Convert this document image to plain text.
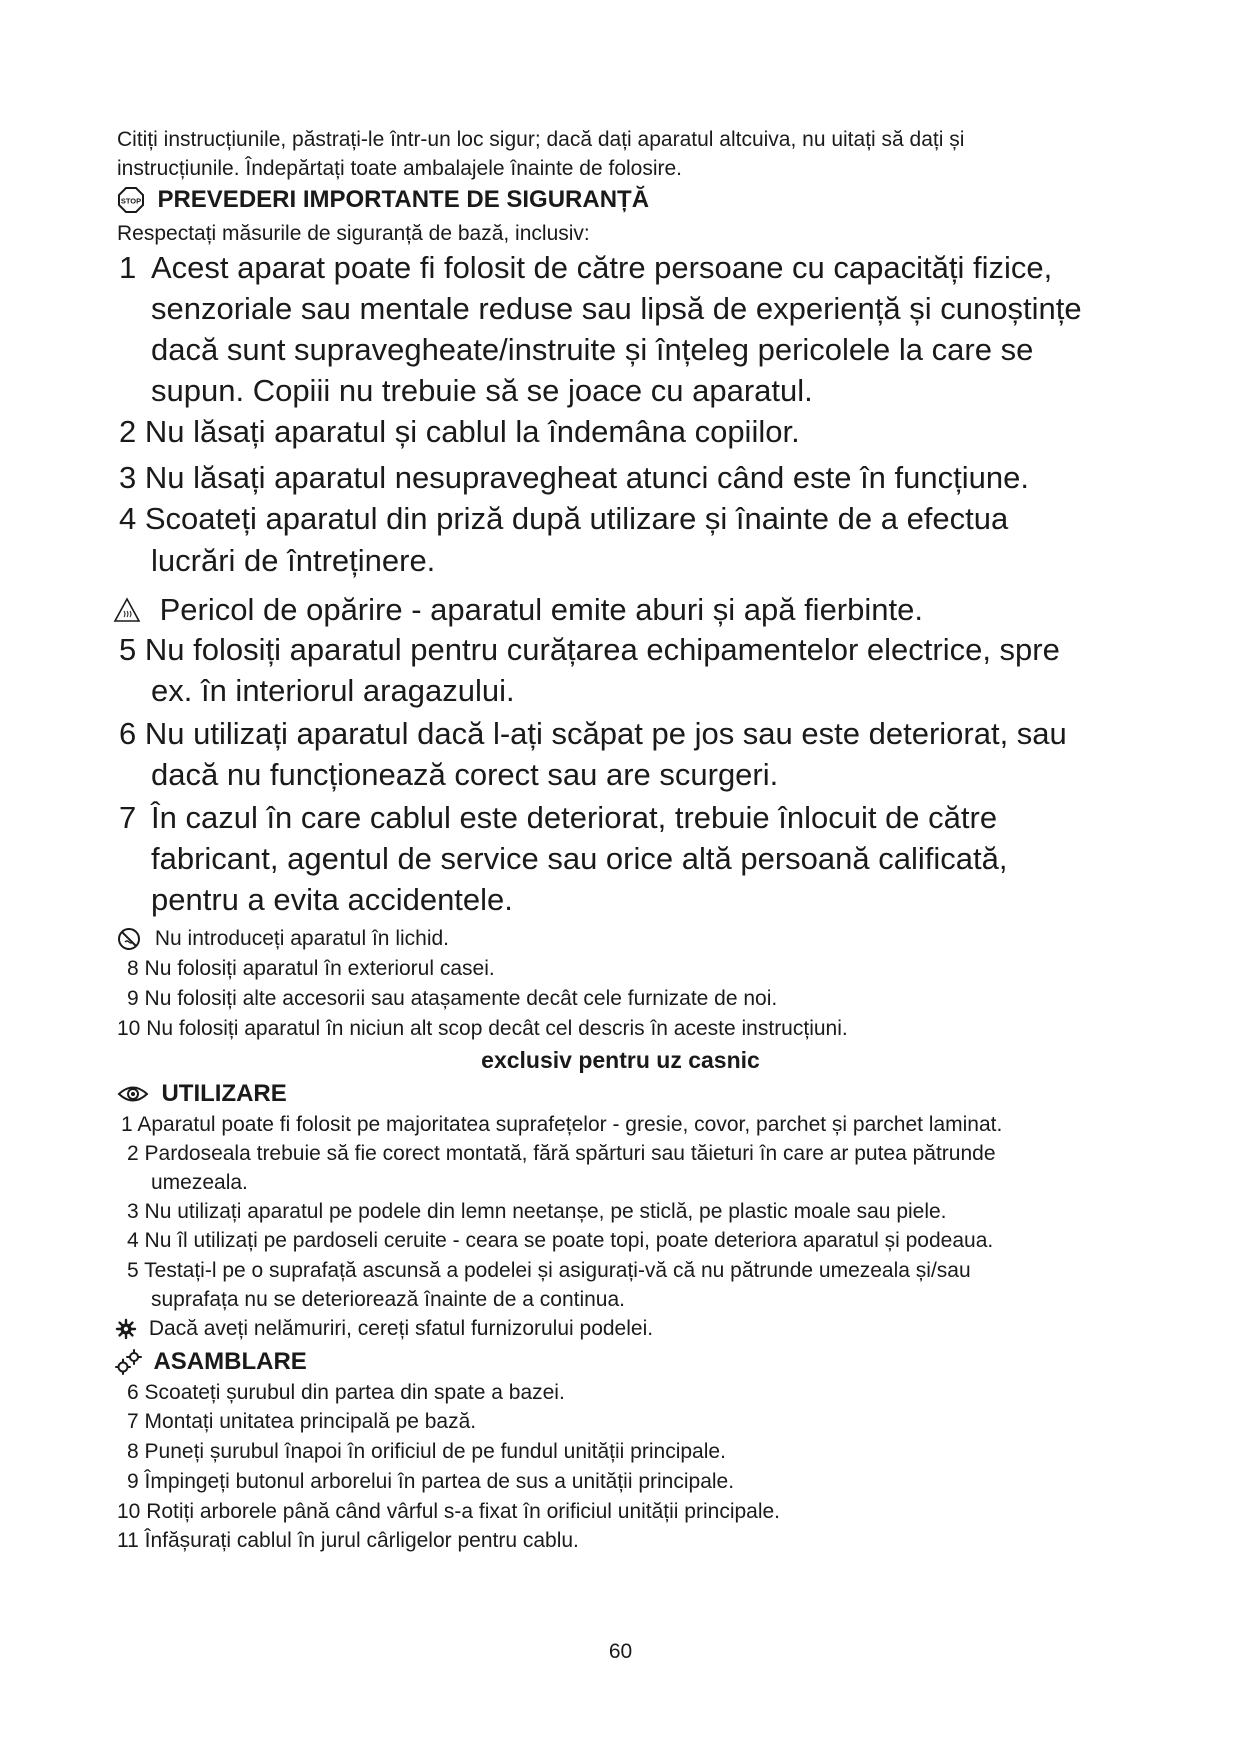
Citiți instrucțiunile, păstrați-le într-un loc sigur; dacă dați aparatul altcuiva, nu uitați să dați și
instrucțiunile. Îndepărtați toate ambalajele înainte de folosire.
STOP PREVEDERI IMPORTANTE DE SIGURANȚĂ
Respectați măsurile de siguranță de bază, inclusiv:
1 Acest aparat poate fi folosit de către persoane cu capacități fizice,
senzoriale sau mentale reduse sau lipsă de experiență și cunoștințe
dacă sunt supravegheate/instruite și înțeleg pericolele la care se
supun. Copiii nu trebuie să se joace cu aparatul.
2 Nu lăsați aparatul și cablul la îndemâna copiilor.
3 Nu lăsați aparatul nesupravegheat atunci când este în funcțiune.
4 Scoateți aparatul din priză după utilizare și înainte de a efectua
lucrări de întreținere.
Pericol de opărire - aparatul emite aburi și apă fierbinte.
5 Nu folosiți aparatul pentru curățarea echipamentelor electrice, spre
ex. în interiorul aragazului.
6 Nu utilizați aparatul dacă l-ați scăpat pe jos sau este deteriorat, sau
dacă nu funcționează corect sau are scurgeri.
7 În cazul în care cablul este deteriorat, trebuie înlocuit de către
fabricant, agentul de service sau orice altă persoană calificată,
pentru a evita accidentele.
Nu introduceți aparatul în lichid.
8 Nu folosiți aparatul în exteriorul casei.
9 Nu folosiți alte accesorii sau atașamente decât cele furnizate de noi.
10 Nu folosiți aparatul în niciun alt scop decât cel descris în aceste instrucțiuni.
exclusiv pentru uz casnic
UTILIZARE
1 Aparatul poate fi folosit pe majoritatea suprafețelor - gresie, covor, parchet și parchet laminat.
2 Pardoseala trebuie să fie corect montată, fără spărturi sau tăieturi în care ar putea pătrunde
umezeala.
3 Nu utilizați aparatul pe podele din lemn neetanșe, pe sticlă, pe plastic moale sau piele.
4 Nu îl utilizați pe pardoseli ceruite - ceara se poate topi, poate deteriora aparatul și podeaua.
5 Testați-l pe o suprafață ascunsă a podelei și asigurați-vă că nu pătrunde umezeala și/sau
suprafața nu se deteriorează înainte de a continua.
Dacă aveți nelămuriri, cereți sfatul furnizorului podelei.
ASAMBLARE
6 Scoateți șurubul din partea din spate a bazei.
7 Montați unitatea principală pe bază.
8 Puneți șurubul înapoi în orificiul de pe fundul unității principale.
9 Împingeți butonul arborelui în partea de sus a unității principale.
10 Rotiți arborele până când vârful s-a fixat în orificiul unității principale.
11 Înfășurați cablul în jurul cârligelor pentru cablu.
60
